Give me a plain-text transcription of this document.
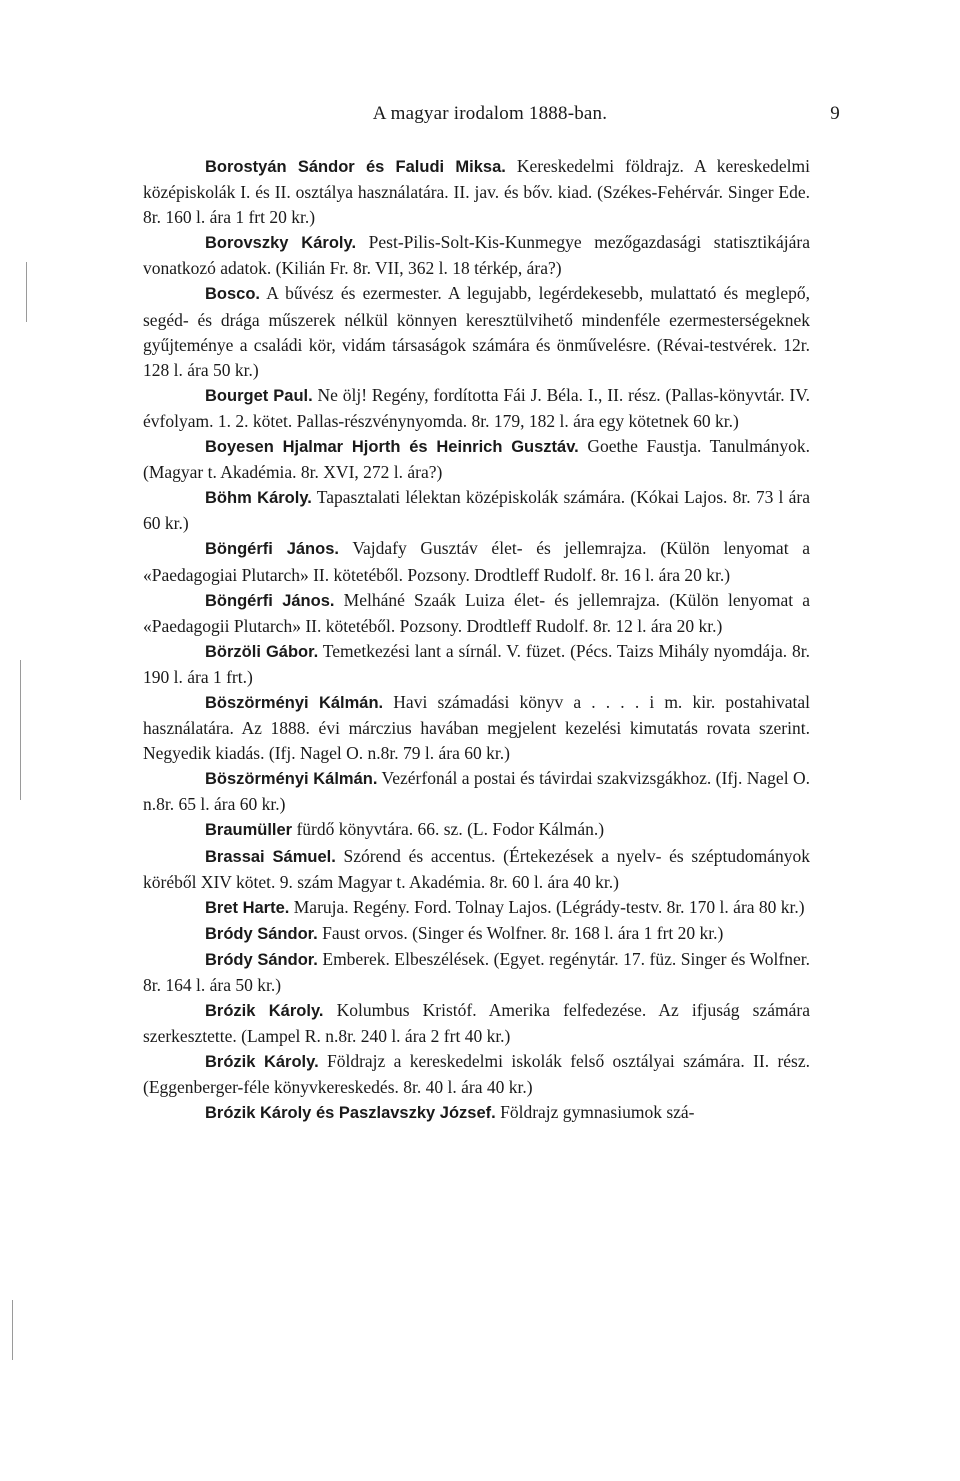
A magyar irodalom 1888-ban.	9

Borostyán Sándor és Faludi Miksa. Kereskedelmi földrajz. A kereskedelmi középiskolák I. és II. osztálya használatára. II. jav. és bőv. kiad. (Székes-Fehérvár. Singer Ede. 8r. 160 l. ára 1 frt 20 kr.)

Borovszky Károly. Pest-Pilis-Solt-Kis-Kunmegye mezőgazdasági statisztikájára vonatkozó adatok. (Kilián Fr. 8r. VII, 362 l. 18 térkép, ára?)

Bosco. A bűvész és ezermester. A legujabb, legérdekesebb, mulattató és meglepő, segéd- és drága műszerek nélkül könnyen keresztülvihető mindenféle ezermesterségeknek gyűjteménye a családi kör, vidám társaságok számára és önművelésre. (Révai-testvérek. 12r. 128 l. ára 50 kr.)

Bourget Paul. Ne ölj! Regény, fordította Fái J. Béla. I., II. rész. (Pallas-könyvtár. IV. évfolyam. 1. 2. kötet. Pallas-részvénynyomda. 8r. 179, 182 l. ára egy kötetnek 60 kr.)

Boyesen Hjalmar Hjorth és Heinrich Gusztáv. Goethe Faustja. Tanulmányok. (Magyar t. Akadémia. 8r. XVI, 272 l. ára?)

Böhm Károly. Tapasztalati lélektan középiskolák számára. (Kókai Lajos. 8r. 73 l ára 60 kr.)

Böngérfi János. Vajdafy Gusztáv élet- és jellemrajza. (Külön lenyomat a «Paedagogiai Plutarch» II. kötetéből. Pozsony. Drodtleff Rudolf. 8r. 16 l. ára 20 kr.)

Böngérfi János. Melháné Szaák Luiza élet- és jellemrajza. (Külön lenyomat a «Paedagogii Plutarch» II. kötetéből. Pozsony. Drodtleff Rudolf. 8r. 12 l. ára 20 kr.)

Börzöli Gábor. Temetkezési lant a sírnál. V. füzet. (Pécs. Taizs Mihály nyomdája. 8r. 190 l. ára 1 frt.)

Böszörményi Kálmán. Havi számadási könyv a . . . . i m. kir. postahivatal használatára. Az 1888. évi márczius havában megjelent kezelési kimutatás rovata szerint. Negyedik kiadás. (Ifj. Nagel O. n.8r. 79 l. ára 60 kr.)

Böszörményi Kálmán. Vezérfonál a postai és távirdai szakvizsgákhoz. (Ifj. Nagel O. n.8r. 65 l. ára 60 kr.)

Braumüller fürdő könyvtára. 66. sz. (L. Fodor Kálmán.)

Brassai Sámuel. Szórend és accentus. (Értekezések a nyelv- és széptudományok köréből XIV kötet. 9. szám Magyar t. Akadémia. 8r. 60 l. ára 40 kr.)

Bret Harte. Maruja. Regény. Ford. Tolnay Lajos. (Légrády-testv. 8r. 170 l. ára 80 kr.)

Bródy Sándor. Faust orvos. (Singer és Wolfner. 8r. 168 l. ára 1 frt 20 kr.)

Bródy Sándor. Emberek. Elbeszélések. (Egyet. regénytár. 17. füz. Singer és Wolfner. 8r. 164 l. ára 50 kr.)

Brózik Károly. Kolumbus Kristóf. Amerika felfedezése. Az ifjuság számára szerkesztette. (Lampel R. n.8r. 240 l. ára 2 frt 40 kr.)

Brózik Károly. Földrajz a kereskedelmi iskolák felső osztályai számára. II. rész. (Eggenberger-féle könyvkereskedés. 8r. 40 l. ára 40 kr.)

Brózik Károly és Paszlavszky József. Földrajz gymnasiumok szá-
